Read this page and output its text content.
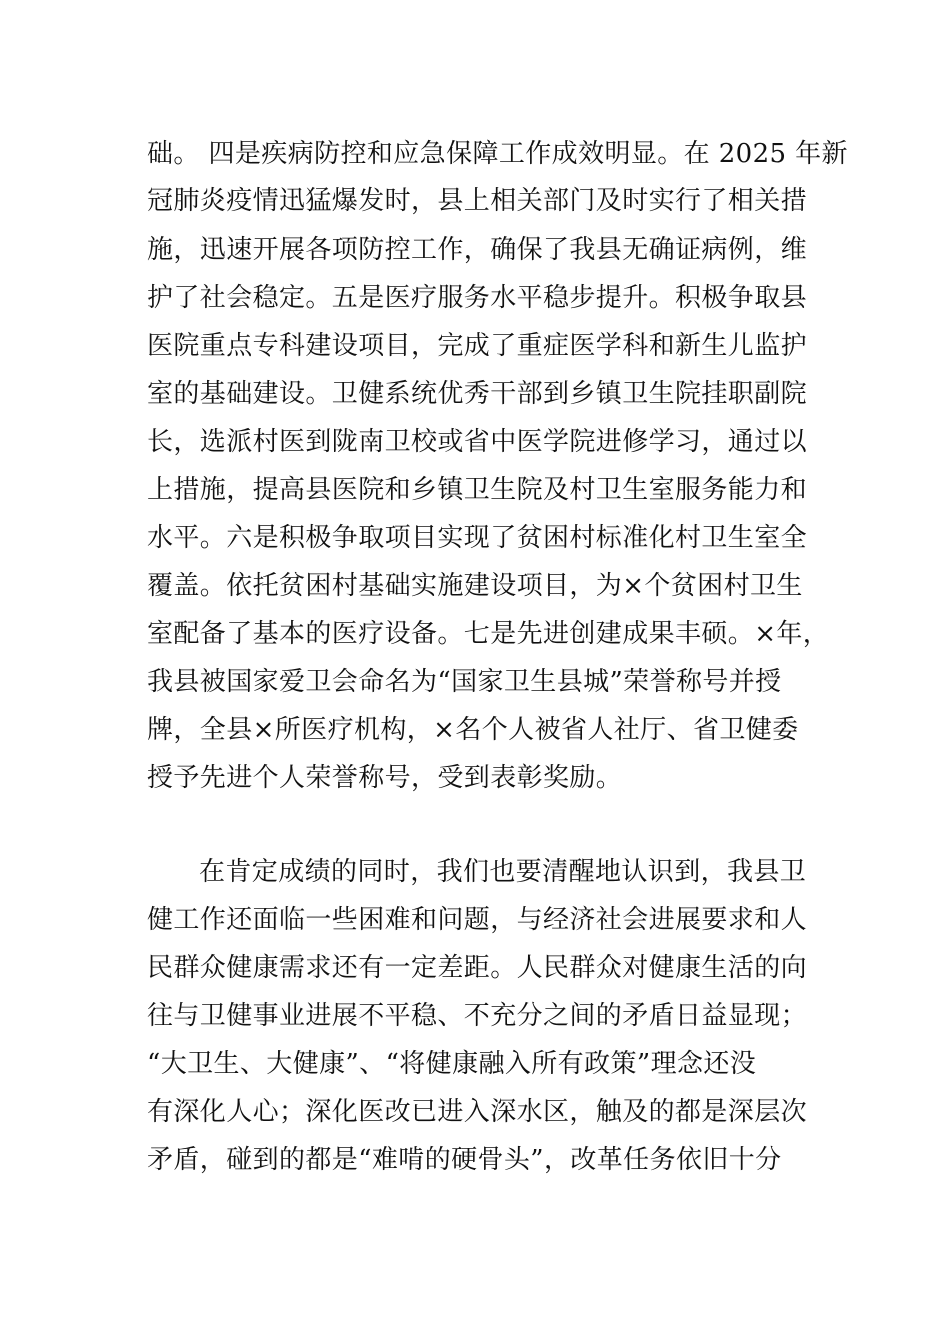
础。 四是疾病防控和应急保障工作成效明显。在 2025 年新
冠肺炎疫情迅猛爆发时，县上相关部门及时实行了相关措
施，迅速开展各项防控工作，确保了我县无确证病例，维
护了社会稳定。五是医疗服务水平稳步提升。积极争取县
医院重点专科建设项目，完成了重症医学科和新生儿监护
室的基础建设。卫健系统优秀干部到乡镇卫生院挂职副院
长，选派村医到陇南卫校或省中医学院进修学习，通过以
上措施，提高县医院和乡镇卫生院及村卫生室服务能力和
水平。六是积极争取项目实现了贫困村标准化村卫生室全
覆盖。依托贫困村基础实施建设项目，为×个贫困村卫生
室配备了基本的医疗设备。七是先进创建成果丰硕。×年，
我县被国家爱卫会命名为“国家卫生县城”荣誉称号并授
牌，全县×所医疗机构，×名个人被省人社厅、省卫健委
授予先进个人荣誉称号，受到表彰奖励。
在肯定成绩的同时，我们也要清醒地认识到，我县卫
健工作还面临一些困难和问题，与经济社会进展要求和人
民群众健康需求还有一定差距。人民群众对健康生活的向
往与卫健事业进展不平稳、不充分之间的矛盾日益显现；
“大卫生、大健康”、“将健康融入所有政策”理念还没
有深化人心；深化医改已进入深水区，触及的都是深层次
矛盾，碰到的都是“难啃的硬骨头”，改革任务依旧十分
